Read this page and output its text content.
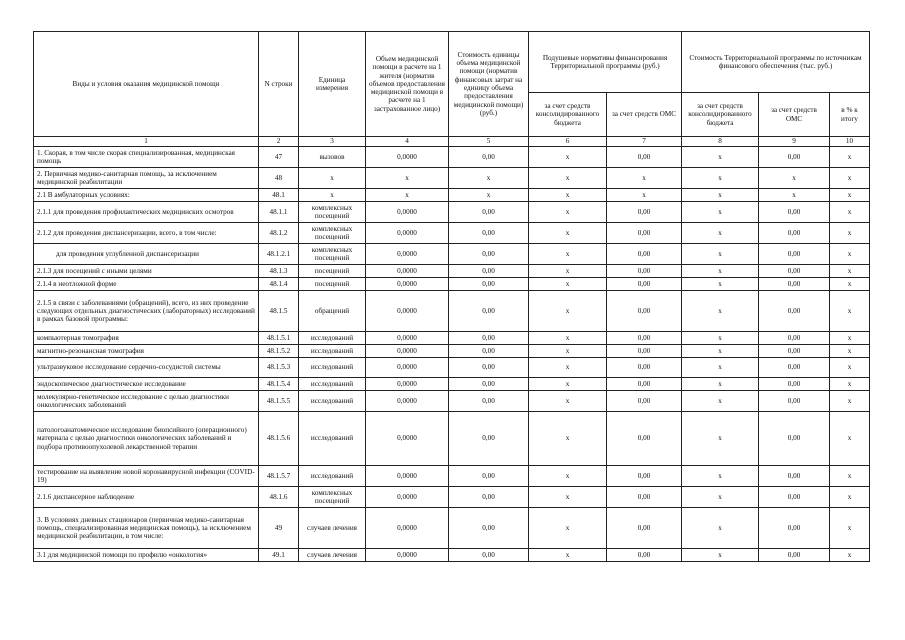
Виды и условия оказания медицинской помощи	N строки	Единица измерения	Объем медицинской помощи в расчете на 1 жителя (норматив объемов предоставления медицинской помощи в расчете на 1 застрахованное лицо)	Стоимость единицы объема медицинской помощи (норматив финансовых затрат на единицу объема предоставления медицинской помощи) (руб.)	Подушевые нормативы финансирования Территориальной программы (руб.)		Стоимость Территориальной программы по источникам финансового обеспечения (тыс. руб.)		
					за счет средств консолидированного бюджета	за счет средств ОМС	за счет средств консолидированного бюджета	за счет средств ОМС	в % к итогу
1	2	3	4	5	6	7	8	9	10
1. Скорая, в том числе скорая специализированная, медицинская помощь	47	вызовов	0,0000	0,00	x	0,00	x	0,00	x
2. Первичная медико-санитарная помощь, за исключением медицинской реабилитации	48	x	x	x	x	x	x	x	x
2.1 В амбулаторных условиях:	48.1	x	x	x	x	x	x	x	x
2.1.1 для проведения профилактических медицинских осмотров	48.1.1	комплексных посещений	0,0000	0,00	x	0,00	x	0,00	x
2.1.2 для проведения диспансеризации, всего, в том числе:	48.1.2	комплексных посещений	0,0000	0,00	x	0,00	x	0,00	x
для проведения углубленной диспансеризации	48.1.2.1	комплексных посещений	0,0000	0,00	x	0,00	x	0,00	x
2.1.3 для посещений с иными целями	48.1.3	посещений	0,0000	0,00	x	0,00	x	0,00	x
2.1.4 в неотложной форме	48.1.4	посещений	0,0000	0,00	x	0,00	x	0,00	x
2.1.5 в связи с заболеваниями (обращений), всего, из них проведение следующих отдельных диагностических (лабораторных) исследований в рамках базовой программы:	48.1.5	обращений	0,0000	0,00	x	0,00	x	0,00	x
компьютерная томография	48.1.5.1	исследований	0,0000	0,00	x	0,00	x	0,00	x
магнитно-резонансная томография	48.1.5.2	исследований	0,0000	0,00	x	0,00	x	0,00	x
ультразвуковое исследование сердечно-сосудистой системы	48.1.5.3	исследований	0,0000	0,00	x	0,00	x	0,00	x
эндоскопическое диагностическое исследование	48.1.5.4	исследований	0,0000	0,00	x	0,00	x	0,00	x
молекулярно-генетическое исследование с целью диагностики онкологических заболеваний	48.1.5.5	исследований	0,0000	0,00	x	0,00	x	0,00	x
патологоанатомическое исследование биопсийного (операционного) материала с целью диагностики онкологических заболеваний и подбора противоопухолевой лекарственной терапии	48.1.5.6	исследований	0,0000	0,00	x	0,00	x	0,00	x
тестирование на выявление новой коронавирусной инфекции (COVID-19)	48.1.5.7	исследований	0,0000	0,00	x	0,00	x	0,00	x
2.1.6 диспансерное наблюдение	48.1.6	комплексных посещений	0,0000	0,00	x	0,00	x	0,00	x
3. В условиях дневных стационаров (первичная медико-санитарная помощь, специализированная медицинская помощь), за исключением медицинской реабилитации, в том числе:	49	случаев лечения	0,0000	0,00	x	0,00	x	0,00	x
3.1 для медицинской помощи по профилю «онкология»	49.1	случаев лечения	0,0000	0,00	x	0,00	x	0,00	x
